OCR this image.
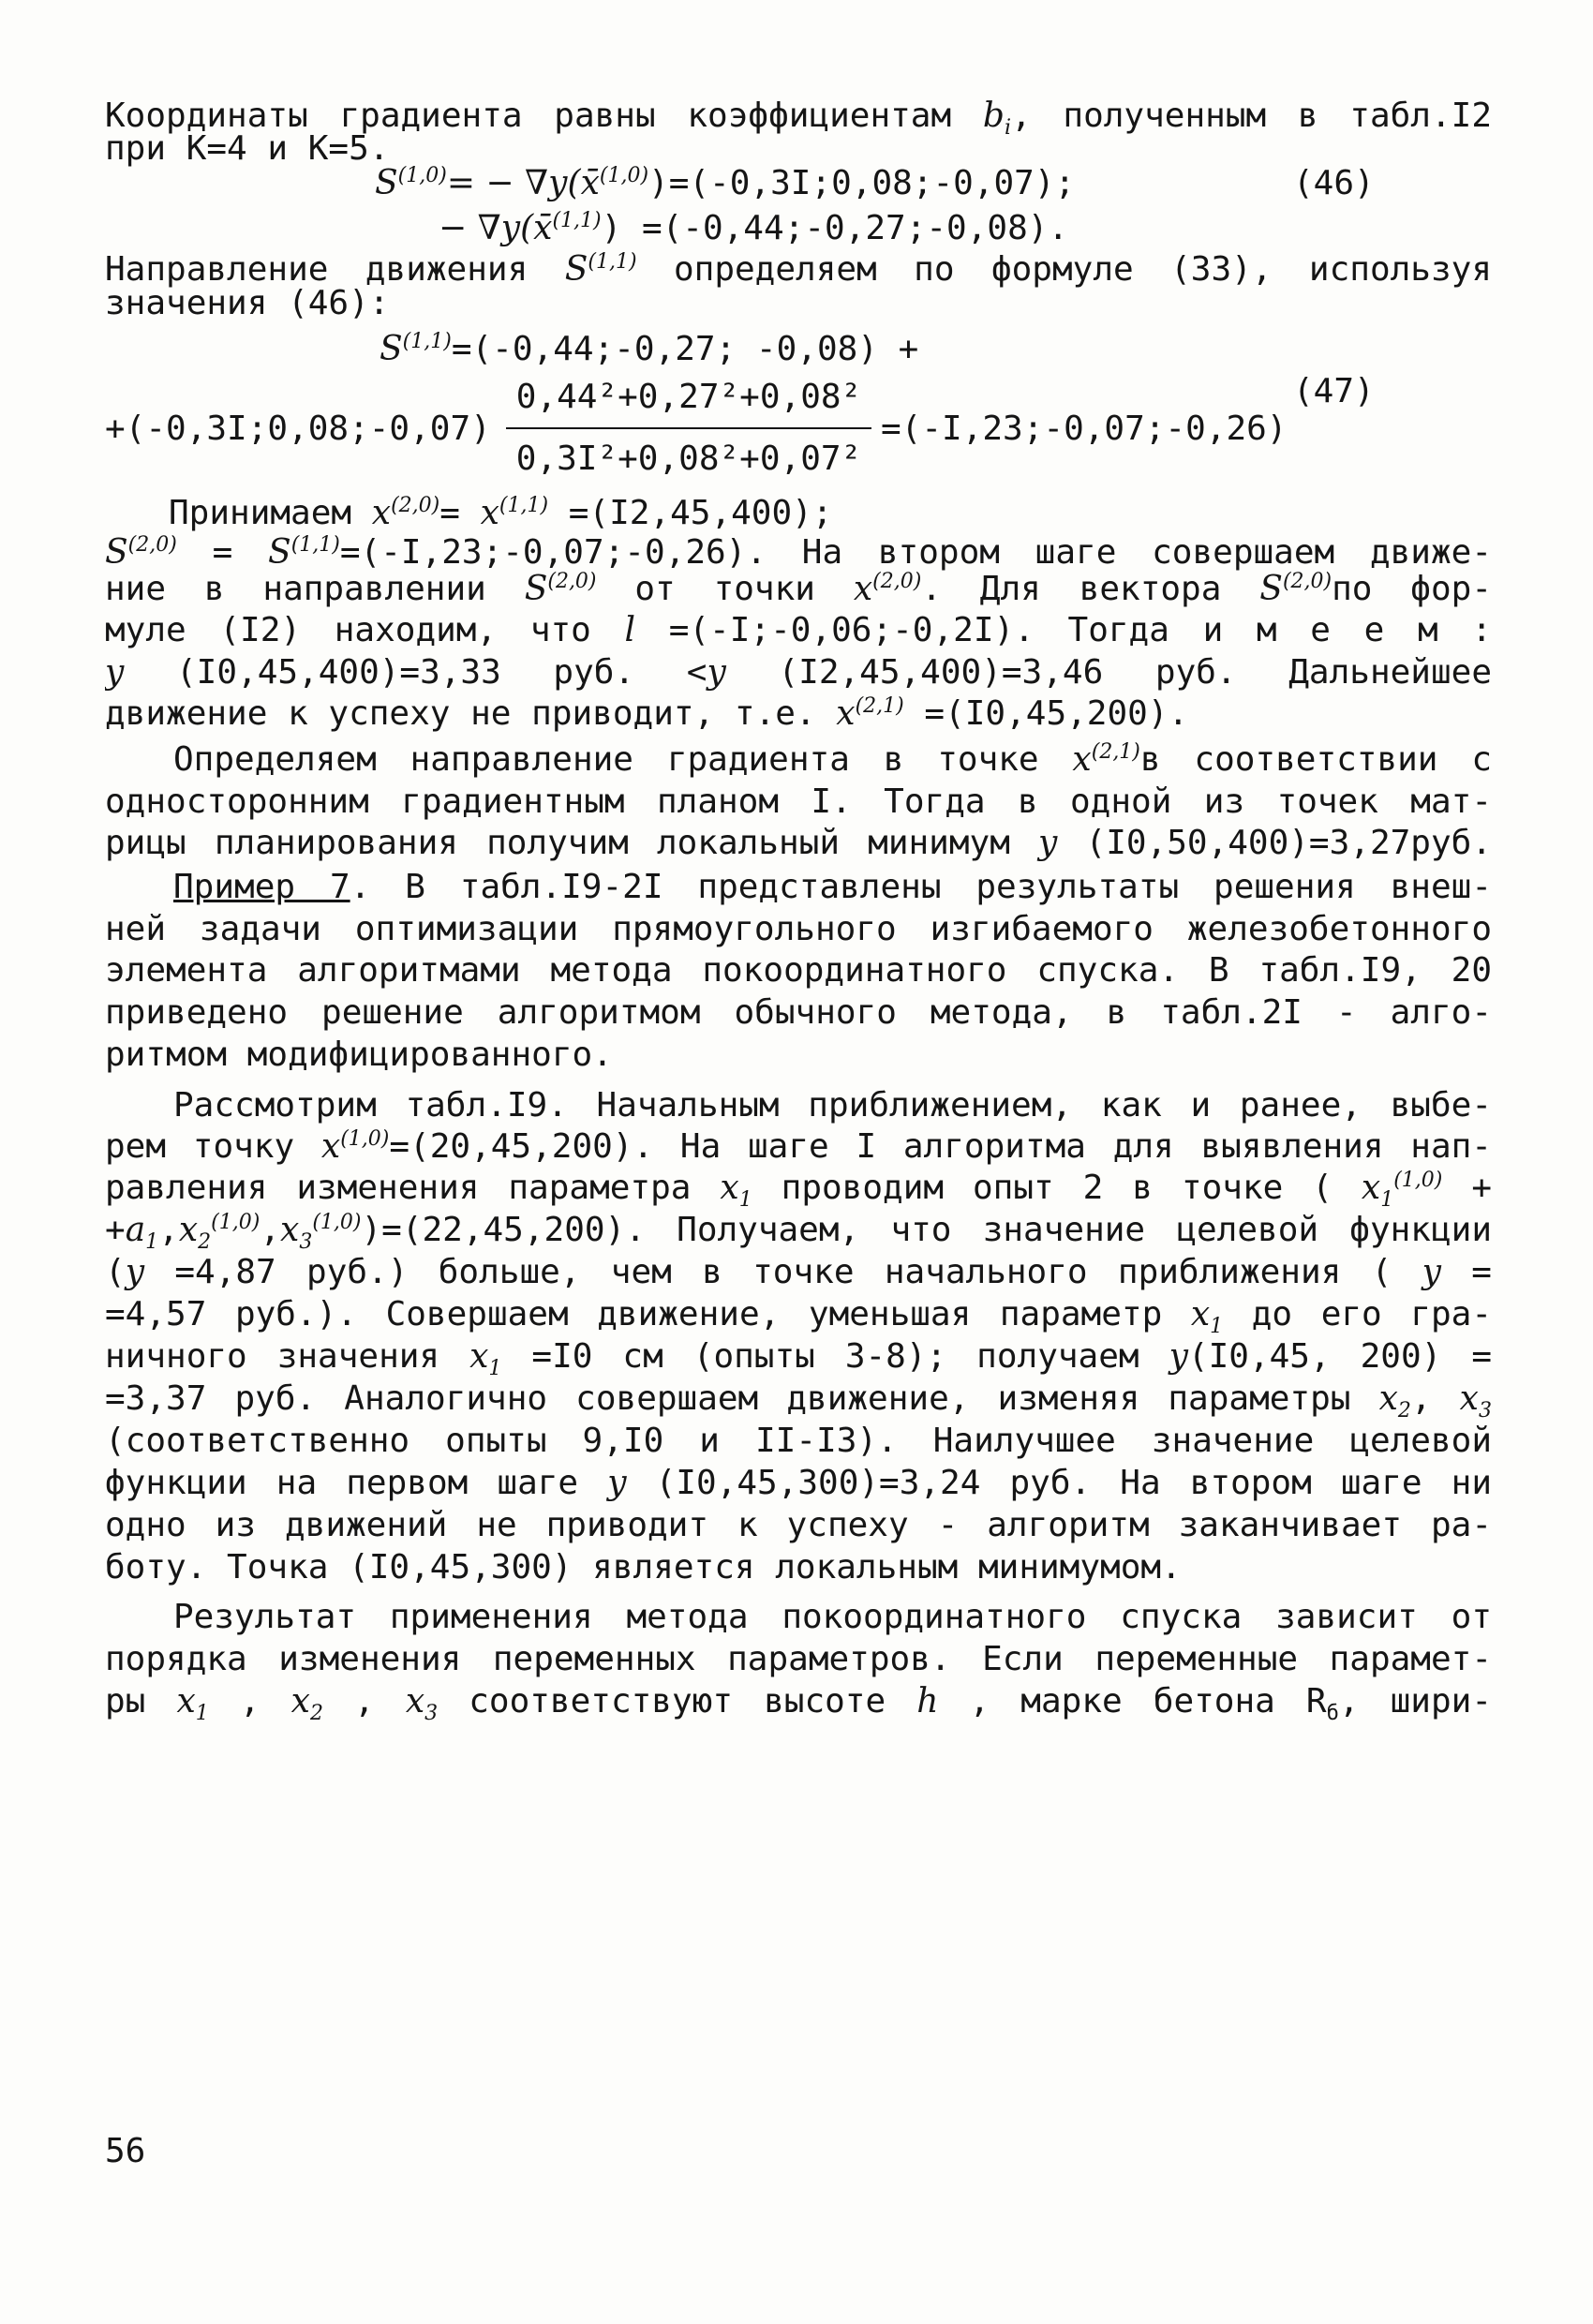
Координаты градиента равны коэффициентам $b_i$, полученным в табл.I2
при К=4 и К=5.
S$^{(1,0)}$= − ∇y(x̄$^{(1,0)}$)=(-0,3I;0,08;-0,07);	(46)
− ∇y(x̄$^{(1,1)}$) =(-0,44;-0,27;-0,08).
Направление движения S$^{(1,1)}$ определяем по формуле (33), используя
значения (46):
S$^{(1,1)}$=(-0,44;-0,27; -0,08) +
(47)
+(-0,3I;0,08;-0,07)
0,44²+0,27²+0,08²
0,3I²+0,08²+0,07²
=(-I,23;-0,07;-0,26)
Принимаем $x^{(2,0)}= x^{(1,1)} =(I2,45,400)$;
S$^{(2,0)}$ = S$^{(1,1)}$=(-I,23;-0,07;-0,26). На втором шаге совершаем движе-
ние в направлении S$^{(2,0)}$ от точки $x^{(2,0)}$. Для вектора S$^{(2,0)}$по фор-
муле (I2) находим, что l =(-I;-0,06;-0,2I). Тогда и м е е м :
y (I0,45,400)=3,33 руб. <y (I2,45,400)=3,46 руб. Дальнейшее
движение к успеху не приводит, т.е. $x^{(2,1)} =(I0,45,200)$.
Определяем направление градиента в точке $x^{(2,1)}в$ соответствии с
односторонним градиентным планом I. Тогда в одной из точек мат-
рицы планирования получим локальный минимум y (I0,50,400)=3,27руб.
Пример 7. В табл.I9-2I представлены результаты решения внеш-
ней задачи оптимизации прямоугольного изгибаемого железобетонного
элемента алгоритмами метода покоординатного спуска. В табл.I9, 20
приведено решение алгоритмом обычного метода, в табл.2I - алго-
ритмом модифицированного.
Рассмотрим табл.I9. Начальным приближением, как и ранее, выбе-
рем точку $x^{(1,0)}=(20,45,200)$. На шаге I алгоритма для выявления нап-
равления изменения параметра $x_1$ проводим опыт 2 в точке ( $x_1^{(1,0)}$ +
$+a_1,x_2^{(1,0)},x_3^{(1,0)})=(22,45,200)$. Получаем, что значение целевой функции
(y =4,87 руб.) больше, чем в точке начального приближения ( y =
=4,57 руб.). Совершаем движение, уменьшая параметр $x_1$ до его гра-
ничного значения $x_1 =I0$ см (опыты 3-8); получаем y(I0,45, 200) =
=3,37 руб. Аналогично совершаем движение, изменяя параметры $x_2$, $x_3$
(соответственно опыты 9,I0 и II-I3). Наилучшее значение целевой
функции на первом шаге y (I0,45,300)=3,24 руб. На втором шаге ни
одно из движений не приводит к успеху - алгоритм заканчивает ра-
боту. Точка (I0,45,300) является локальным минимумом.
Результат применения метода покоординатного спуска зависит от
порядка изменения переменных параметров. Если переменные парамет-
ры $x_1$ , $x_2$ , $x_3$ соответствуют высоте h , марке бетона $R_б$, шири-
56
